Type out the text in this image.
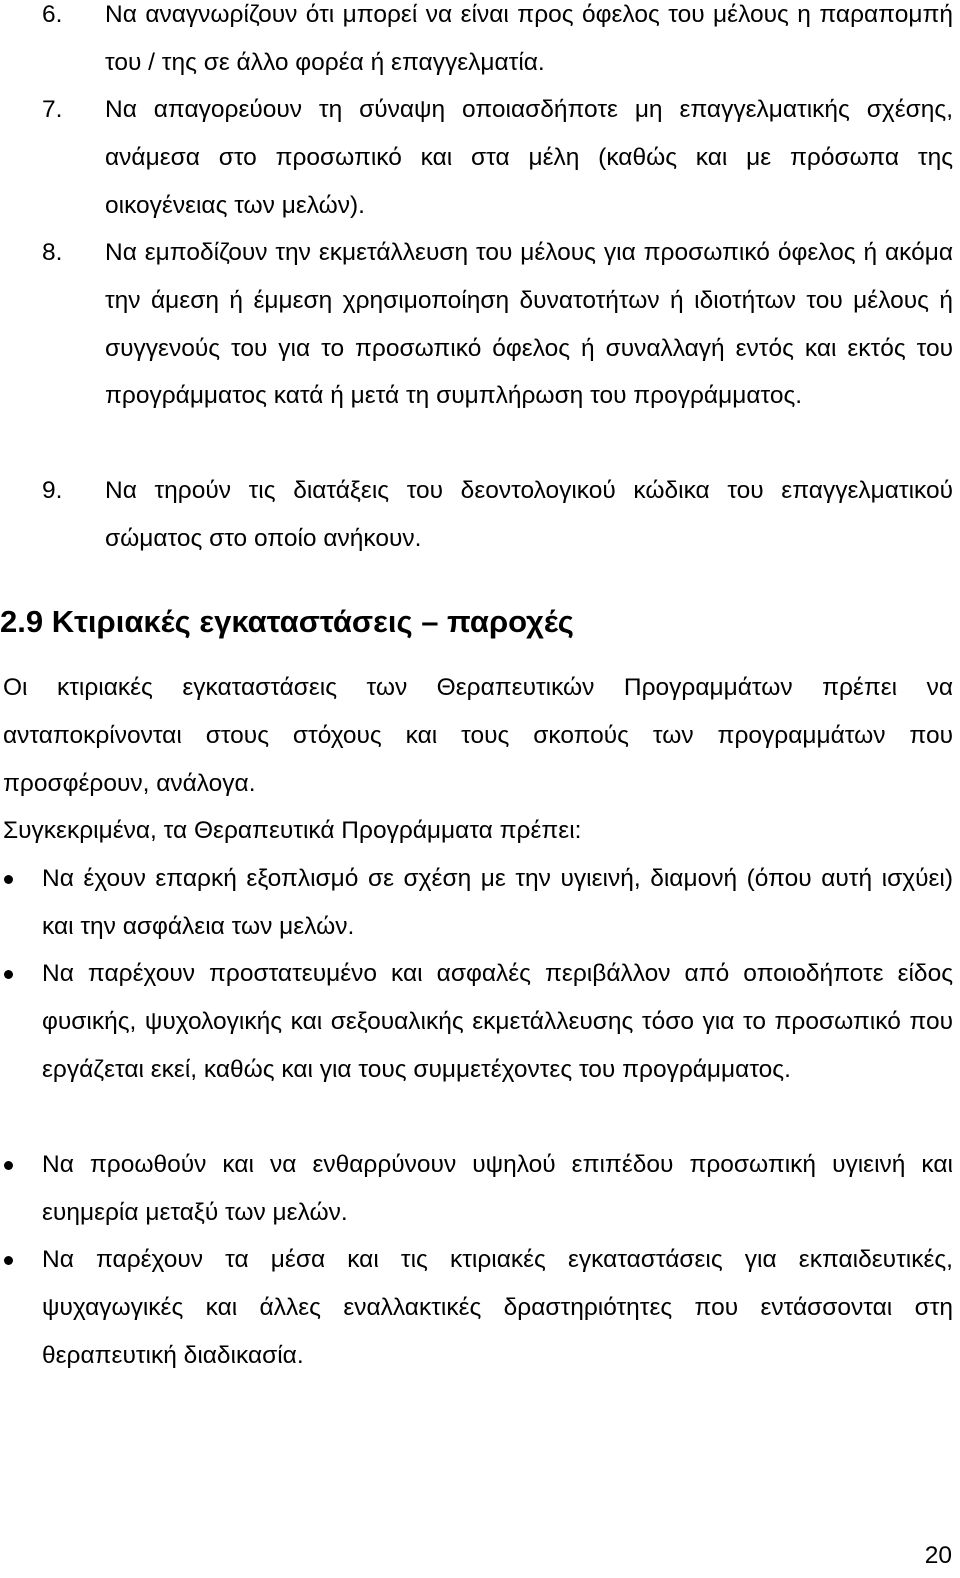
6. Να αναγνωρίζουν ότι μπορεί να είναι προς όφελος του μέλους η παραπομπή του / της σε άλλο φορέα ή επαγγελματία.
7. Να απαγορεύουν τη σύναψη οποιασδήποτε μη επαγγελματικής σχέσης, ανάμεσα στο προσωπικό και στα μέλη (καθώς και με πρόσωπα της οικογένειας των μελών).
8. Να εμποδίζουν την εκμετάλλευση του μέλους για προσωπικό όφελος ή ακόμα την άμεση ή έμμεση χρησιμοποίηση δυνατοτήτων ή ιδιοτήτων του μέλους ή συγγενούς του για το προσωπικό όφελος ή συναλλαγή εντός και εκτός του προγράμματος κατά ή μετά τη συμπλήρωση του προγράμματος.
9. Να τηρούν τις διατάξεις του δεοντολογικού κώδικα του επαγγελματικού σώματος στο οποίο ανήκουν.
2.9 Κτιριακές εγκαταστάσεις – παροχές
Οι κτιριακές εγκαταστάσεις των Θεραπευτικών Προγραμμάτων πρέπει να ανταποκρίνονται στους στόχους και τους σκοπούς των προγραμμάτων που προσφέρουν, ανάλογα.
Συγκεκριμένα, τα Θεραπευτικά Προγράμματα πρέπει:
Να έχουν επαρκή εξοπλισμό σε σχέση με την υγιεινή, διαμονή (όπου αυτή ισχύει) και την ασφάλεια των μελών.
Να παρέχουν προστατευμένο και ασφαλές περιβάλλον από οποιοδήποτε είδος φυσικής, ψυχολογικής και σεξουαλικής εκμετάλλευσης τόσο για το προσωπικό που εργάζεται εκεί, καθώς και για τους συμμετέχοντες του προγράμματος.
Να προωθούν και να ενθαρρύνουν υψηλού επιπέδου προσωπική υγιεινή και ευημερία μεταξύ των μελών.
Να παρέχουν τα μέσα και τις κτιριακές εγκαταστάσεις για εκπαιδευτικές, ψυχαγωγικές και άλλες εναλλακτικές δραστηριότητες που εντάσσονται στη θεραπευτική διαδικασία.
20
